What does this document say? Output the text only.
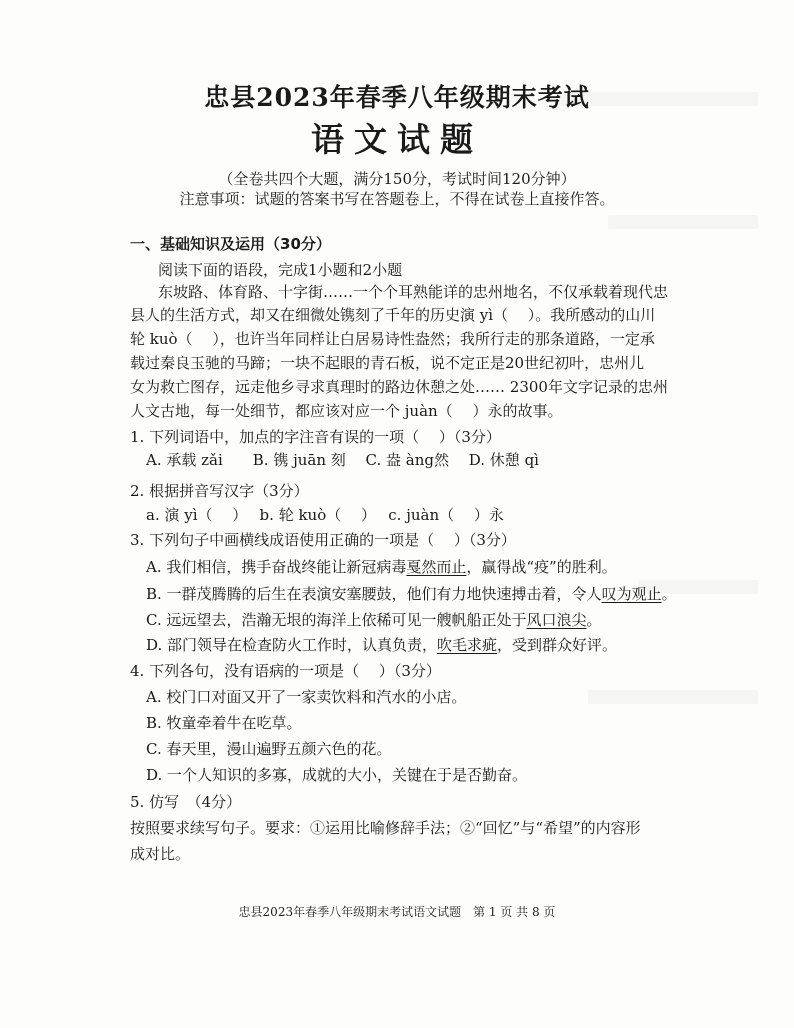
忠县2023年春季八年级期末考试
语文试题
（全卷共四个大题，满分150分，考试时间120分钟）
注意事项：试题的答案书写在答题卷上，不得在试卷上直接作答。
一、基础知识及运用（30分）
阅读下面的语段，完成1小题和2小题
东坡路、体育路、十字街……一个个耳熟能详的忠州地名，不仅承载着现代忠
县人的生活方式，却又在细微处镌刻了千年的历史演 yì（　 ）。我所感动的山川
轮 kuò（　 ），也许当年同样让白居易诗性盎然；我所行走的那条道路，一定承
载过秦良玉驰的马蹄；一块不起眼的青石板，说不定正是20世纪初叶，忠州儿
女为救亡图存，远走他乡寻求真理时的路边休憩之处…… 2300年文字记录的忠州
人文古地，每一处细节，都应该对应一个 juàn（　 ）永的故事。
1. 下列词语中，加点的字注音有误的一项（　 ）（3分）
A. 承载 zǎi　　B. 镌 juān 刻　 C. 盎 àng然　 D. 休憩 qì
2. 根据拼音写汉字（3分）
a. 演 yì（　 ）　 b. 轮 kuò（　 ）　 c. juàn（　 ）永
3. 下列句子中画横线成语使用正确的一项是（　 ）（3分）
A. 我们相信，携手奋战终能让新冠病毒戛然而止，赢得战“疫”的胜利。
B. 一群茂腾腾的后生在表演安塞腰鼓，他们有力地快速搏击着，令人叹为观止。
C. 远远望去，浩瀚无垠的海洋上依稀可见一艘帆船正处于风口浪尖。
D. 部门领导在检查防火工作时，认真负责，吹毛求疵，受到群众好评。
4. 下列各句，没有语病的一项是（　 ）（3分）
A. 校门口对面又开了一家卖饮料和汽水的小店。
B. 牧童牵着牛在吃草。
C. 春天里，漫山遍野五颜六色的花。
D. 一个人知识的多寡，成就的大小，关键在于是否勤奋。
5. 仿写　（4分）
按照要求续写句子。要求：①运用比喻修辞手法；②“回忆”与“希望”的内容形
成对比。
忠县2023年春季八年级期末考试语文试题　第 1 页 共 8 页
